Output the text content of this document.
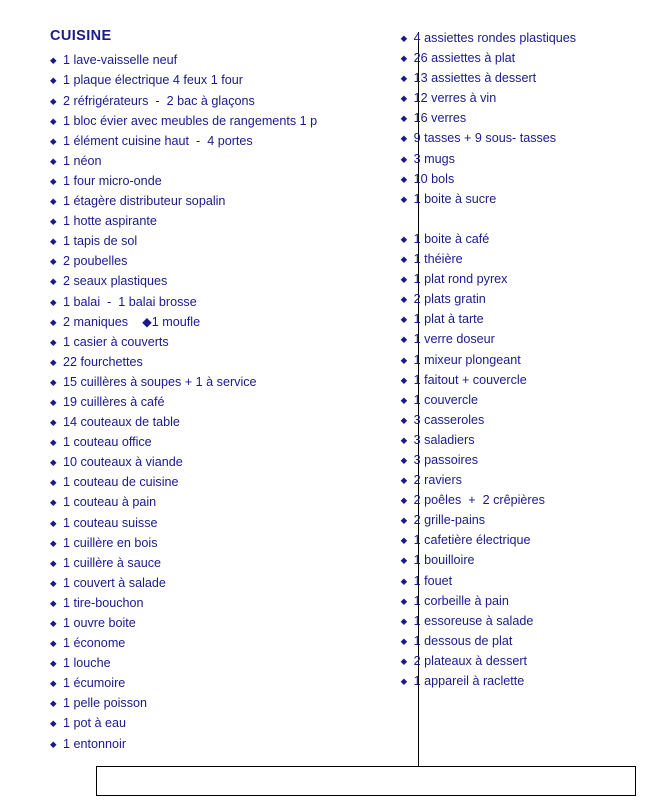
CUISINE
◆ 1 lave-vaisselle neuf
◆ 1 plaque électrique 4 feux 1 four
◆ 2 réfrigérateurs  -  2 bac à glaçons
◆ 1 bloc évier avec meubles de rangements 1 p
◆ 1 élément cuisine haut  -  4 portes
◆ 1 néon
◆ 1 four micro-onde
◆ 1 étagère distributeur sopalin
◆ 1 hotte aspirante
◆ 1 tapis de sol
◆ 2 poubelles
◆ 2 seaux plastiques
◆ 1 balai  -  1 balai brosse
◆ 2 maniques    ◆1 moufle
◆ 1 casier à couverts
◆ 22 fourchettes
◆ 15 cuillères à soupes + 1 à service
◆ 19 cuillères à café
◆ 14 couteaux de table
◆ 1 couteau office
◆ 10 couteaux à viande
◆ 1 couteau de cuisine
◆ 1 couteau à pain
◆ 1 couteau suisse
◆ 1 cuillère en bois
◆ 1 cuillère à sauce
◆ 1 couvert à salade
◆ 1 tire-bouchon
◆ 1 ouvre boite
◆ 1 économe
◆ 1 louche
◆ 1 écumoire
◆ 1 pelle poisson
◆ 1 pot à eau
◆ 1 entonnoir
◆ 4 assiettes rondes plastiques
◆ 26 assiettes à plat
◆ 13 assiettes à dessert
◆ 12 verres à vin
◆ 16 verres
◆ 9 tasses + 9 sous- tasses
◆ 3 mugs
◆ 10 bols
◆ 1 boite à sucre
◆ 1 boite à café
◆ 1 théière
◆ 1 plat rond pyrex
◆ 2 plats gratin
◆ 1 plat à tarte
◆ 1 verre doseur
◆ 1 mixeur plongeant
◆ 1 faitout + couvercle
◆ 1 couvercle
◆ 3 casseroles
◆ 3 saladiers
◆ 3 passoires
◆ 2 raviers
◆ 2 poêles  +  2 crêpières
◆ 2 grille-pains
◆ 1 cafetière électrique
◆ 1 bouilloire
◆ 1 fouet
◆ 1 corbeille à pain
◆ 1 essoreuse à salade
◆ 1 dessous de plat
◆ 2 plateaux à dessert
◆ 1 appareil à raclette
